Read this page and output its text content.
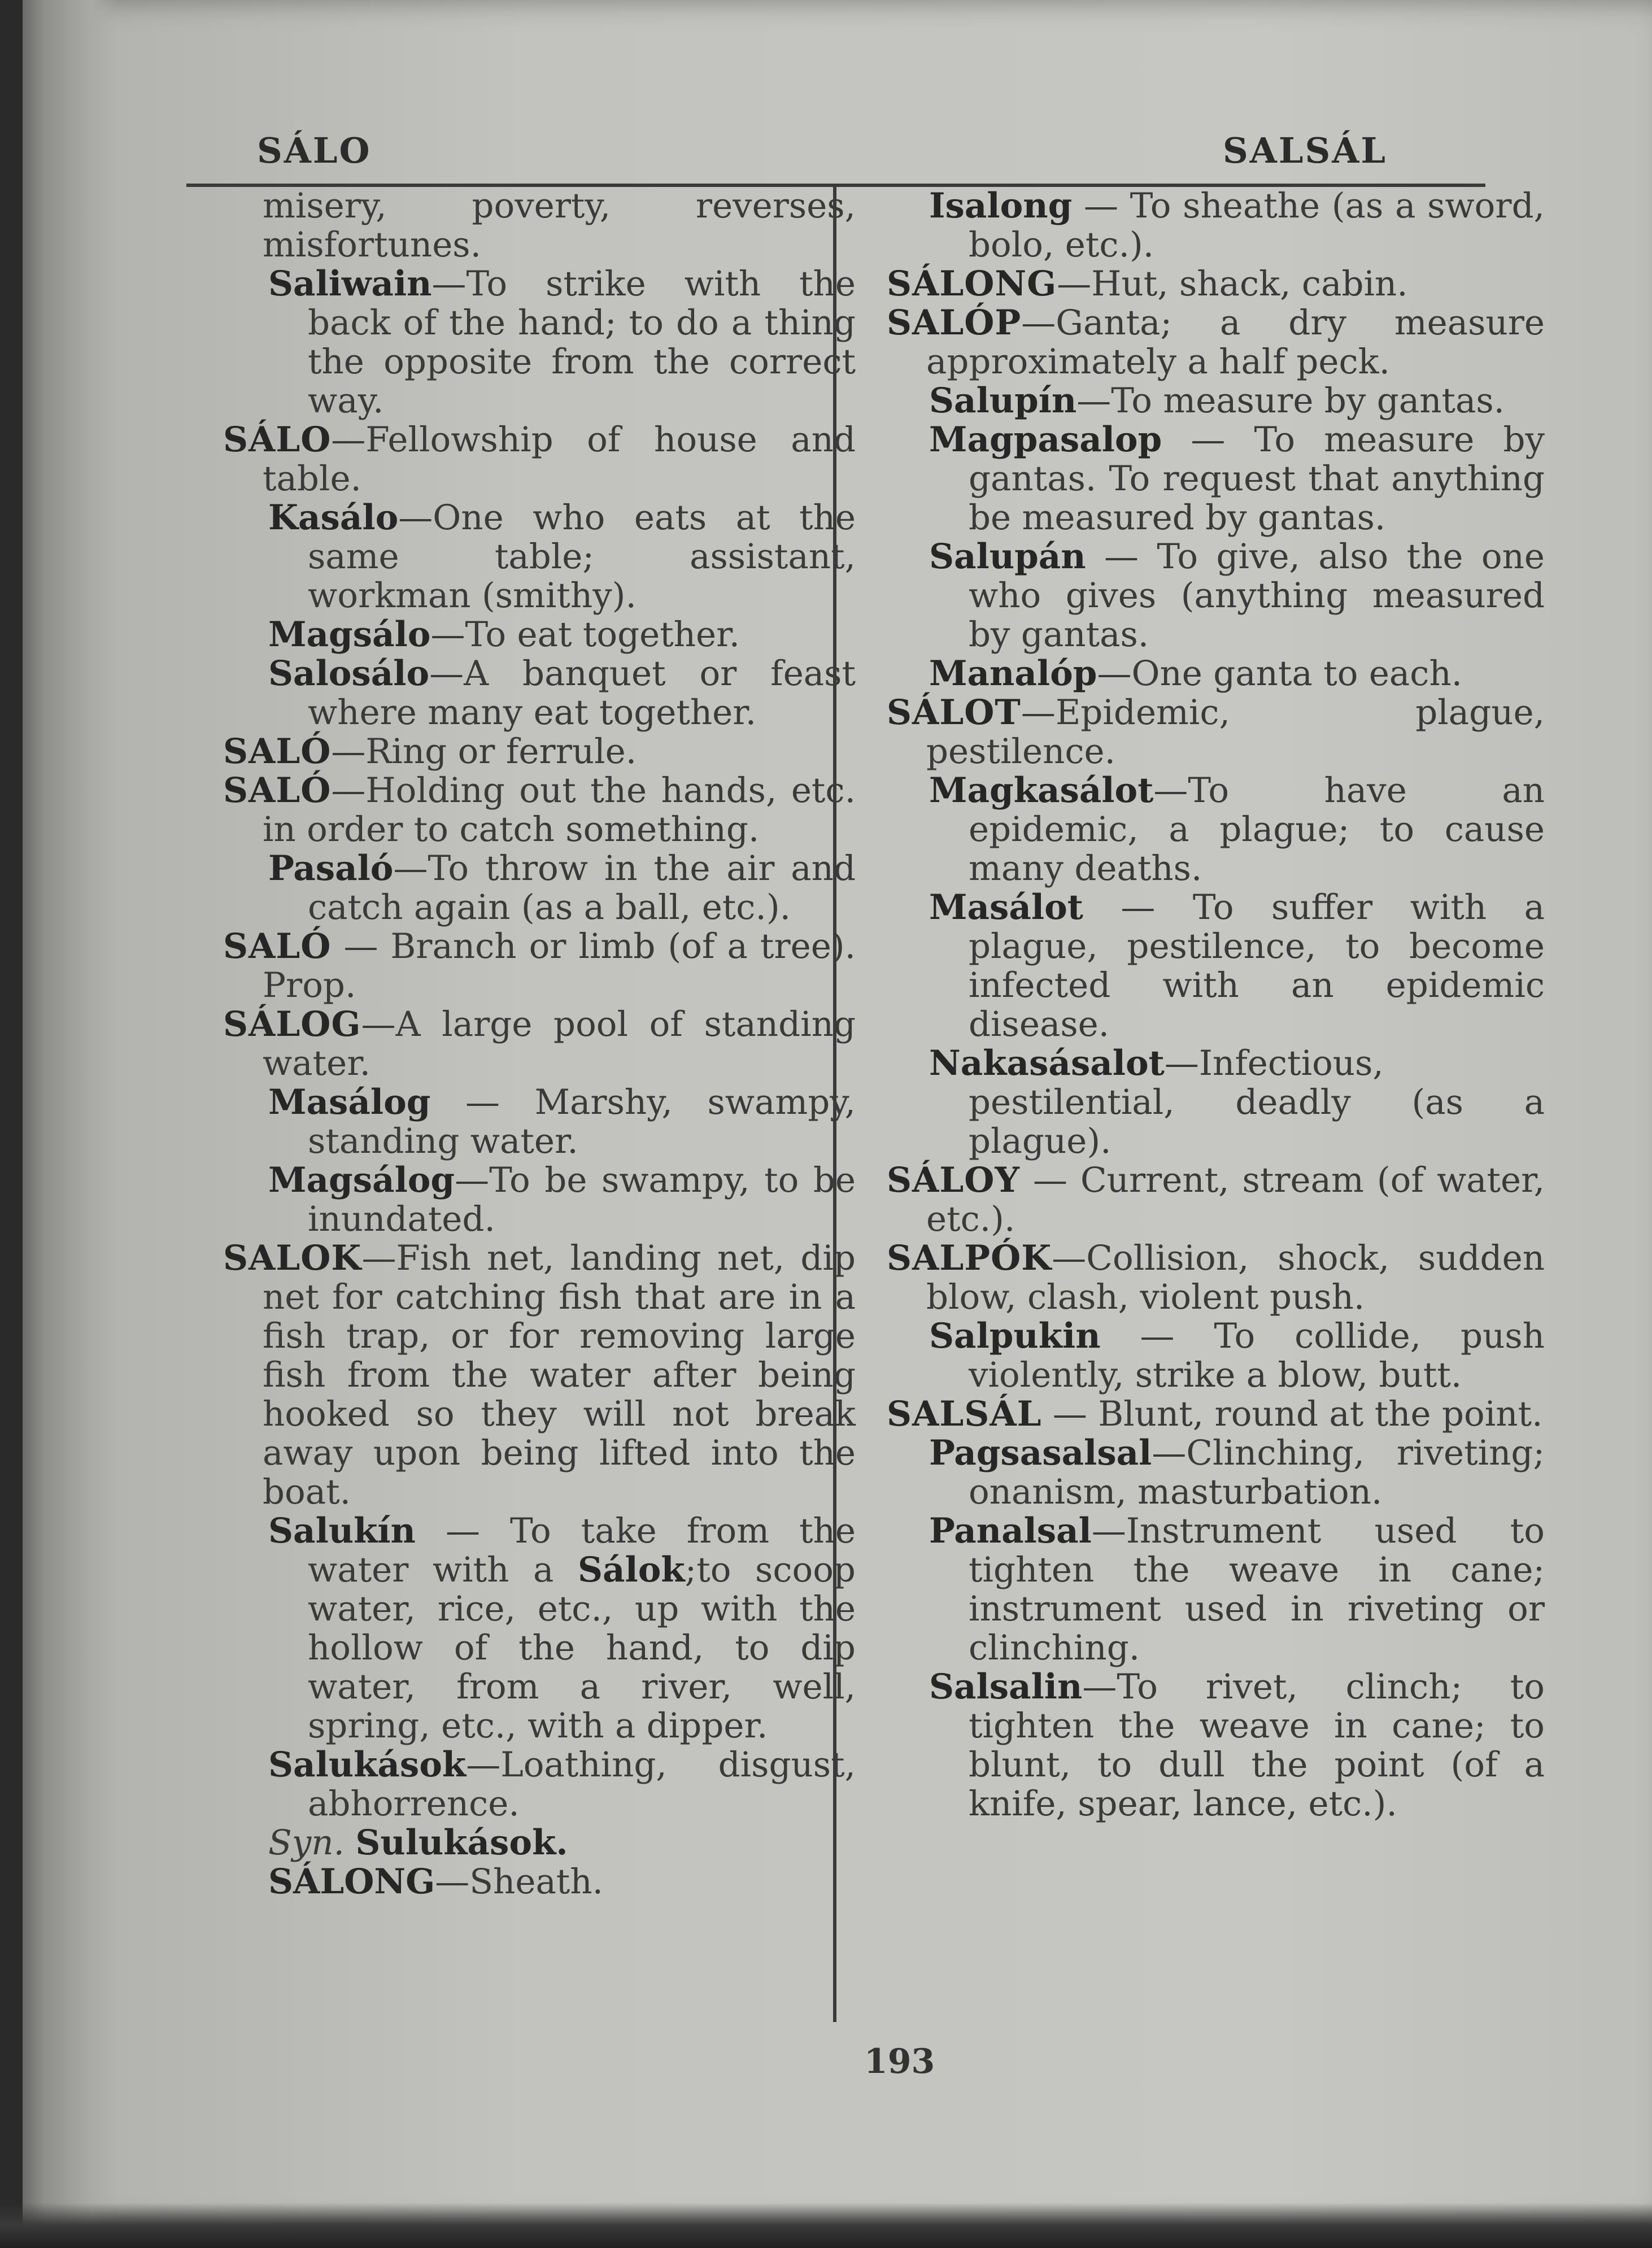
SÁLO	SALSÁL

misery, poverty, reverses, misfortunes.

Saliwain—To strike with the back of the hand; to do a thing the opposite from the correct way.

SÁLO—Fellowship of house and table.

Kasálo—One who eats at the same table; assistant, workman (smithy).

Magsálo—To eat together.

Salosálo—A banquet or feast where many eat together.

SALÓ—Ring or ferrule.

SALÓ—Holding out the hands, etc. in order to catch something.

Pasaló—To throw in the air and catch again (as a ball, etc.).

SALÓ — Branch or limb (of a tree). Prop.

SÁLOG—A large pool of standing water.

Masálog — Marshy, swampy, standing water.

Magsálog—To be swampy, to be inundated.

SALOK—Fish net, landing net, dip net for catching fish that are in a fish trap, or for removing large fish from the water after being hooked so they will not break away upon being lifted into the boat.

Salukín — To take from the water with a Sálok;to scoop water, rice, etc., up with the hollow of the hand, to dip water, from a river, well, spring, etc., with a dipper.

Salukások—Loathing, disgust, abhorrence.

Syn. Sulukások.

SÁLONG—Sheath.

Isalong — To sheathe (as a sword, bolo, etc.).

SÁLONG—Hut, shack, cabin.

SALÓP—Ganta; a dry measure approximately a half peck.

Salupín—To measure by gantas.

Magpasalop — To measure by gantas. To request that anything be measured by gantas.

Salupán — To give, also the one who gives (anything measured by gantas.

Manalóp—One ganta to each.

SÁLOT—Epidemic, plague, pestilence.

Magkasálot—To have an epidemic, a plague; to cause many deaths.

Masálot — To suffer with a plague, pestilence, to become infected with an epidemic disease.

Nakasásalot—Infectious, pestilential, deadly (as a plague).

SÁLOY — Current, stream (of water, etc.).

SALPÓK—Collision, shock, sudden blow, clash, violent push.

Salpukin — To collide, push violently, strike a blow, butt.

SALSÁL — Blunt, round at the point.

Pagsasalsal—Clinching, riveting; onanism, masturbation.

Panalsal—Instrument used to tighten the weave in cane; instrument used in riveting or clinching.

Salsalin—To rivet, clinch; to tighten the weave in cane; to blunt, to dull the point (of a knife, spear, lance, etc.).

193
